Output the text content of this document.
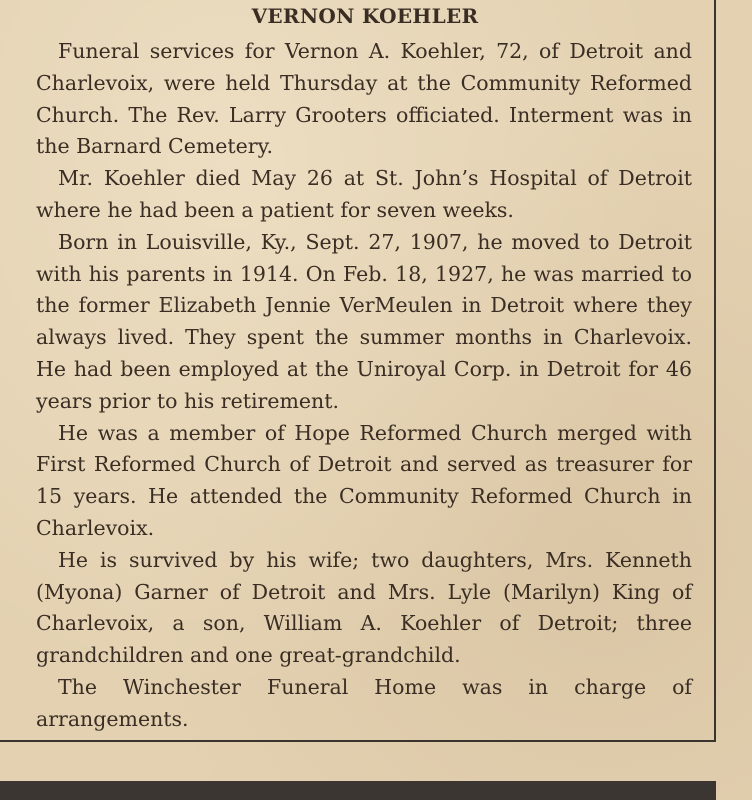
VERNON KOEHLER

Funeral services for Vernon A. Koehler, 72, of Detroit and Charlevoix, were held Thursday at the Community Reformed Church. The Rev. Larry Grooters officiated. Interment was in the Barnard Cemetery.

Mr. Koehler died May 26 at St. John’s Hospital of Detroit where he had been a patient for seven weeks.

Born in Louisville, Ky., Sept. 27, 1907, he moved to Detroit with his parents in 1914. On Feb. 18, 1927, he was married to the former Elizabeth Jennie VerMeulen in Detroit where they always lived. They spent the summer months in Charlevoix. He had been employed at the Uniroyal Corp. in Detroit for 46 years prior to his retirement.

He was a member of Hope Reformed Church merged with First Reformed Church of Detroit and served as treasurer for 15 years. He attended the Community Reformed Church in Charlevoix.

He is survived by his wife; two daughters, Mrs. Kenneth (Myona) Garner of Detroit and Mrs. Lyle (Marilyn) King of Charlevoix, a son, William A. Koehler of Detroit; three grandchildren and one great-grandchild.

The Winchester Funeral Home was in charge of arrangements.
